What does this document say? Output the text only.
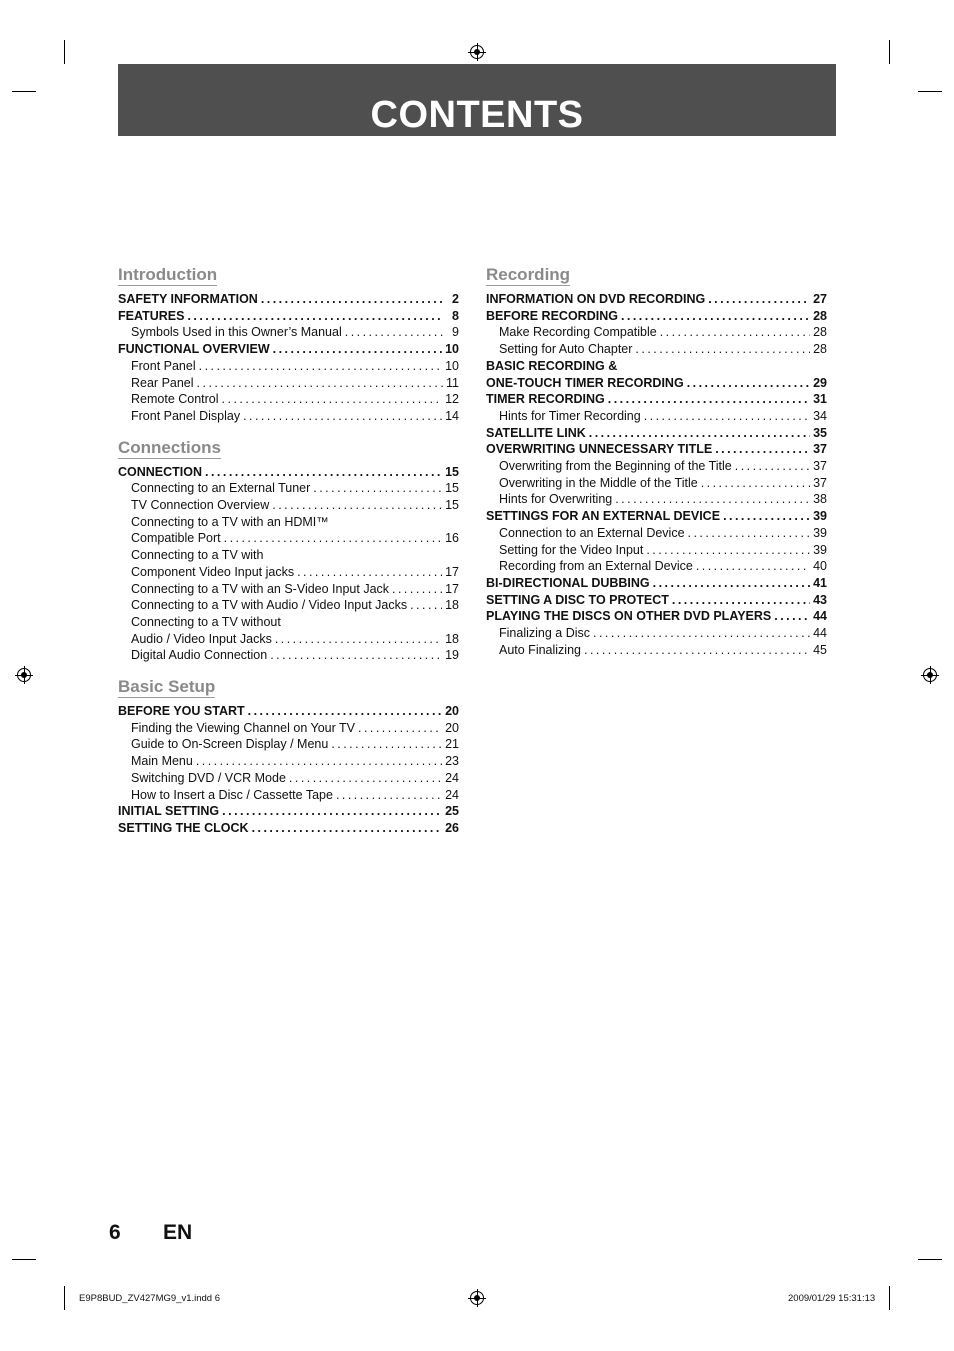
CONTENTS
Introduction
SAFETY INFORMATION . . .	2
FEATURES . . .	8
Symbols Used in this Owner’s Manual . . .	9
FUNCTIONAL OVERVIEW . . .	10
Front Panel . . .	10
Rear Panel . . .	11
Remote Control . . .	12
Front Panel Display . . .	14
Connections
CONNECTION . . .	15
Connecting to an External Tuner . . .	15
TV Connection Overview . . .	15
Connecting to a TV with an HDMI™
Compatible Port . . .	16
Connecting to a TV with
Component Video Input jacks . . .	17
Connecting to a TV with an S-Video Input Jack . . .	17
Connecting to a TV with Audio / Video Input Jacks . . .	18
Connecting to a TV without
Audio / Video Input Jacks . . .	18
Digital Audio Connection . . .	19
Basic Setup
BEFORE YOU START . . .	20
Finding the Viewing Channel on Your TV . . .	20
Guide to On-Screen Display / Menu . . .	21
Main Menu . . .	23
Switching DVD / VCR Mode . . .	24
How to Insert a Disc / Cassette Tape . . .	24
INITIAL SETTING . . .	25
SETTING THE CLOCK . . .	26
Recording
INFORMATION ON DVD RECORDING . . .	27
BEFORE RECORDING . . .	28
Make Recording Compatible . . .	28
Setting for Auto Chapter . . .	28
BASIC RECORDING &
ONE-TOUCH TIMER RECORDING . . .	29
TIMER RECORDING . . .	31
Hints for Timer Recording . . .	34
SATELLITE LINK . . .	35
OVERWRITING UNNECESSARY TITLE . . .	37
Overwriting from the Beginning of the Title . . .	37
Overwriting in the Middle of the Title . . .	37
Hints for Overwriting . . .	38
SETTINGS FOR AN EXTERNAL DEVICE . . .	39
Connection to an External Device . . .	39
Setting for the Video Input . . .	39
Recording from an External Device . . .	40
BI-DIRECTIONAL DUBBING . . .	41
SETTING A DISC TO PROTECT . . .	43
PLAYING THE DISCS ON OTHER DVD PLAYERS . . .	44
Finalizing a Disc . . .	44
Auto Finalizing . . .	45
6 EN
E9P8BUD_ZV427MG9_v1.indd 6	2009/01/29 15:31:13
